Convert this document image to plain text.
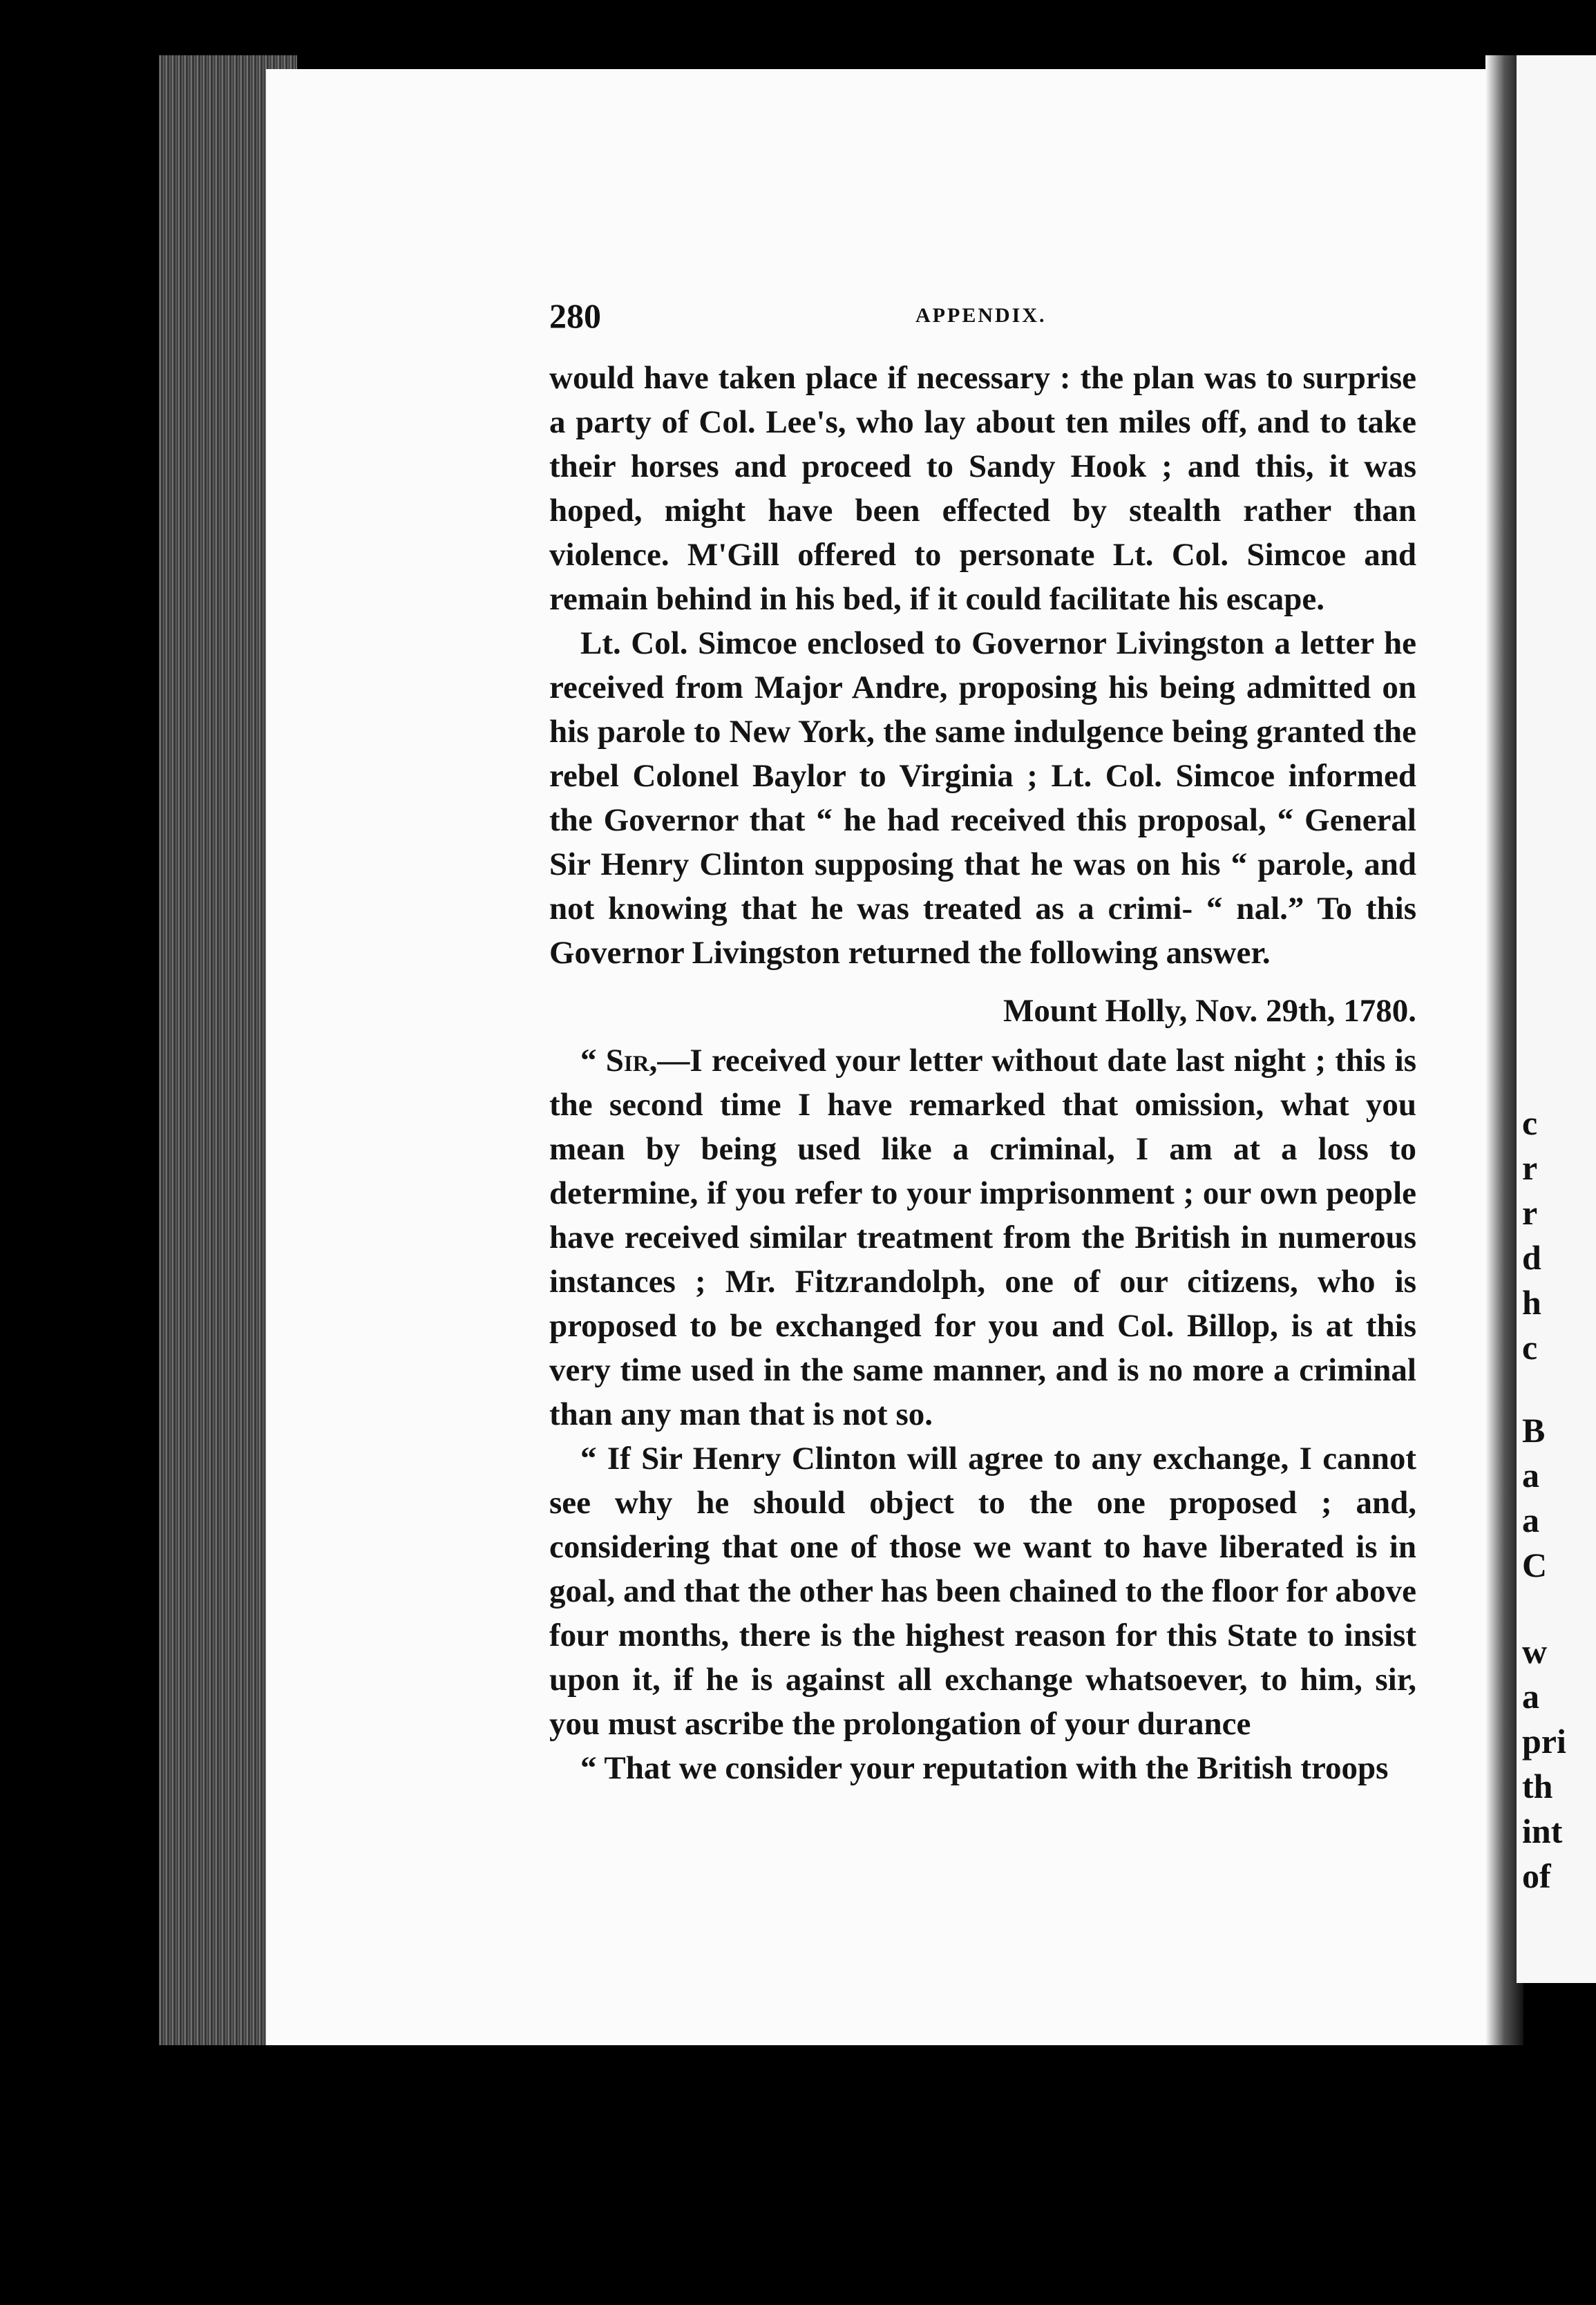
c

r

r

d

h

c

B

a

a

C

w

a

pri

th

int

of

280	APPENDIX.

would have taken place if necessary : the plan was to surprise a party of Col. Lee's, who lay about ten miles off, and to take their horses and proceed to Sandy Hook ; and this, it was hoped, might have been effected by stealth rather than violence. M'Gill offered to personate Lt. Col. Simcoe and remain behind in his bed, if it could facilitate his escape.

Lt. Col. Simcoe enclosed to Governor Livingston a letter he received from Major Andre, proposing his being admitted on his parole to New York, the same indulgence being granted the rebel Colonel Baylor to Virginia ; Lt. Col. Simcoe informed the Governor that “ he had received this proposal, “ General Sir Henry Clinton supposing that he was on his “ parole, and not knowing that he was treated as a crimi- “ nal.” To this Governor Livingston returned the following answer.

Mount Holly, Nov. 29th, 1780.

“ Sir,—I received your letter without date last night ; this is the second time I have remarked that omission, what you mean by being used like a criminal, I am at a loss to determine, if you refer to your imprisonment ; our own people have received similar treatment from the British in numerous instances ; Mr. Fitzrandolph, one of our citizens, who is proposed to be exchanged for you and Col. Billop, is at this very time used in the same manner, and is no more a criminal than any man that is not so.

“ If Sir Henry Clinton will agree to any exchange, I cannot see why he should object to the one proposed ; and, considering that one of those we want to have liberated is in goal, and that the other has been chained to the floor for above four months, there is the highest reason for this State to insist upon it, if he is against all exchange whatsoever, to him, sir, you must ascribe the prolongation of your durance

“ That we consider your reputation with the British troops
